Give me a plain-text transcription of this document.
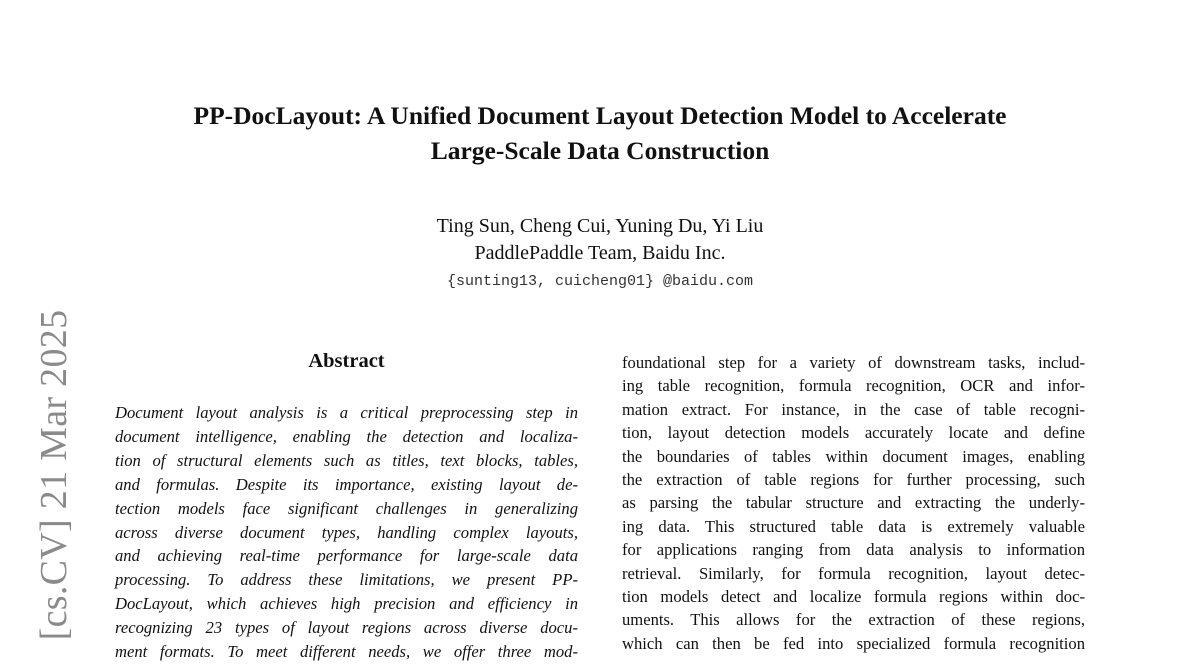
[cs.CV] 21 Mar 2025
PP-DocLayout: A Unified Document Layout Detection Model to Accelerate
Large-Scale Data Construction
Ting Sun, Cheng Cui, Yuning Du, Yi Liu
PaddlePaddle Team, Baidu Inc.
{sunting13, cuicheng01} @baidu.com
Abstract

Document layout analysis is a critical preprocessing step in
document intelligence, enabling the detection and localiza-
tion of structural elements such as titles, text blocks, tables,
and formulas. Despite its importance, existing layout de-
tection models face significant challenges in generalizing
across diverse document types, handling complex layouts,
and achieving real-time performance for large-scale data
processing. To address these limitations, we present PP-
DocLayout, which achieves high precision and efficiency in
recognizing 23 types of layout regions across diverse docu-
ment formats. To meet different needs, we offer three mod-

foundational step for a variety of downstream tasks, includ-
ing table recognition, formula recognition, OCR and infor-
mation extract. For instance, in the case of table recogni-
tion, layout detection models accurately locate and define
the boundaries of tables within document images, enabling
the extraction of table regions for further processing, such
as parsing the tabular structure and extracting the underly-
ing data. This structured table data is extremely valuable
for applications ranging from data analysis to information
retrieval. Similarly, for formula recognition, layout detec-
tion models detect and localize formula regions within doc-
uments. This allows for the extraction of these regions,
which can then be fed into specialized formula recognition
